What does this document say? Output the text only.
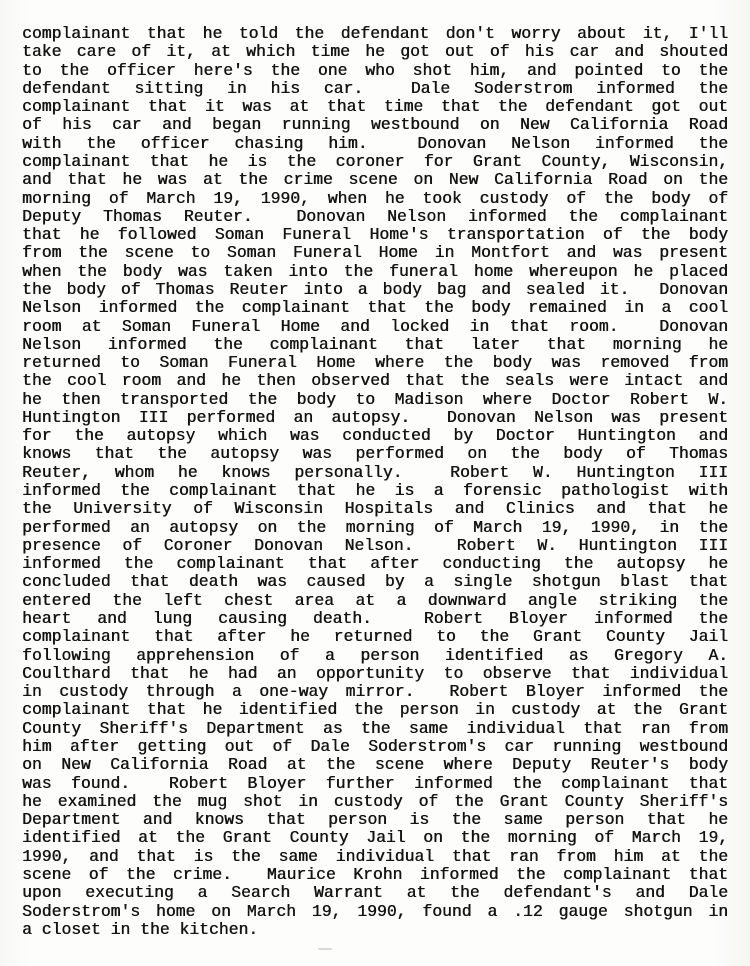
complainant that he told the defendant don't worry about it, I'll
take care of it, at which time he got out of his car and shouted
to the officer here's the one who shot him, and pointed to the
defendant sitting in his car.  Dale Soderstrom informed the
complainant that it was at that time that the defendant got out
of his car and began running westbound on New California Road
with the officer chasing him.  Donovan Nelson informed the
complainant that he is the coroner for Grant County, Wisconsin,
and that he was at the crime scene on New California Road on the
morning of March 19, 1990, when he took custody of the body of
Deputy Thomas Reuter.  Donovan Nelson informed the complainant
that he followed Soman Funeral Home's transportation of the body
from the scene to Soman Funeral Home in Montfort and was present
when the body was taken into the funeral home whereupon he placed
the body of Thomas Reuter into a body bag and sealed it.  Donovan
Nelson informed the complainant that the body remained in a cool
room at Soman Funeral Home and locked in that room.  Donovan
Nelson informed the complainant that later that morning he
returned to Soman Funeral Home where the body was removed from
the cool room and he then observed that the seals were intact and
he then transported the body to Madison where Doctor Robert W.
Huntington III performed an autopsy.  Donovan Nelson was present
for the autopsy which was conducted by Doctor Huntington and
knows that the autopsy was performed on the body of Thomas
Reuter, whom he knows personally.  Robert W. Huntington III
informed the complainant that he is a forensic pathologist with
the University of Wisconsin Hospitals and Clinics and that he
performed an autopsy on the morning of March 19, 1990, in the
presence of Coroner Donovan Nelson.  Robert W. Huntington III
informed the complainant that after conducting the autopsy he
concluded that death was caused by a single shotgun blast that
entered the left chest area at a downward angle striking the
heart and lung causing death.  Robert Bloyer informed the
complainant that after he returned to the Grant County Jail
following apprehension of a person identified as Gregory A.
Coulthard that he had an opportunity to observe that individual
in custody through a one-way mirror.  Robert Bloyer informed the
complainant that he identified the person in custody at the Grant
County Sheriff's Department as the same individual that ran from
him after getting out of Dale Soderstrom's car running westbound
on New California Road at the scene where Deputy Reuter's body
was found.  Robert Bloyer further informed the complainant that
he examined the mug shot in custody of the Grant County Sheriff's
Department and knows that person is the same person that he
identified at the Grant County Jail on the morning of March 19,
1990, and that is the same individual that ran from him at the
scene of the crime.  Maurice Krohn informed the complainant that
upon executing a Search Warrant at the defendant's and Dale
Soderstrom's home on March 19, 1990, found a .12 gauge shotgun in
a closet in the kitchen.
